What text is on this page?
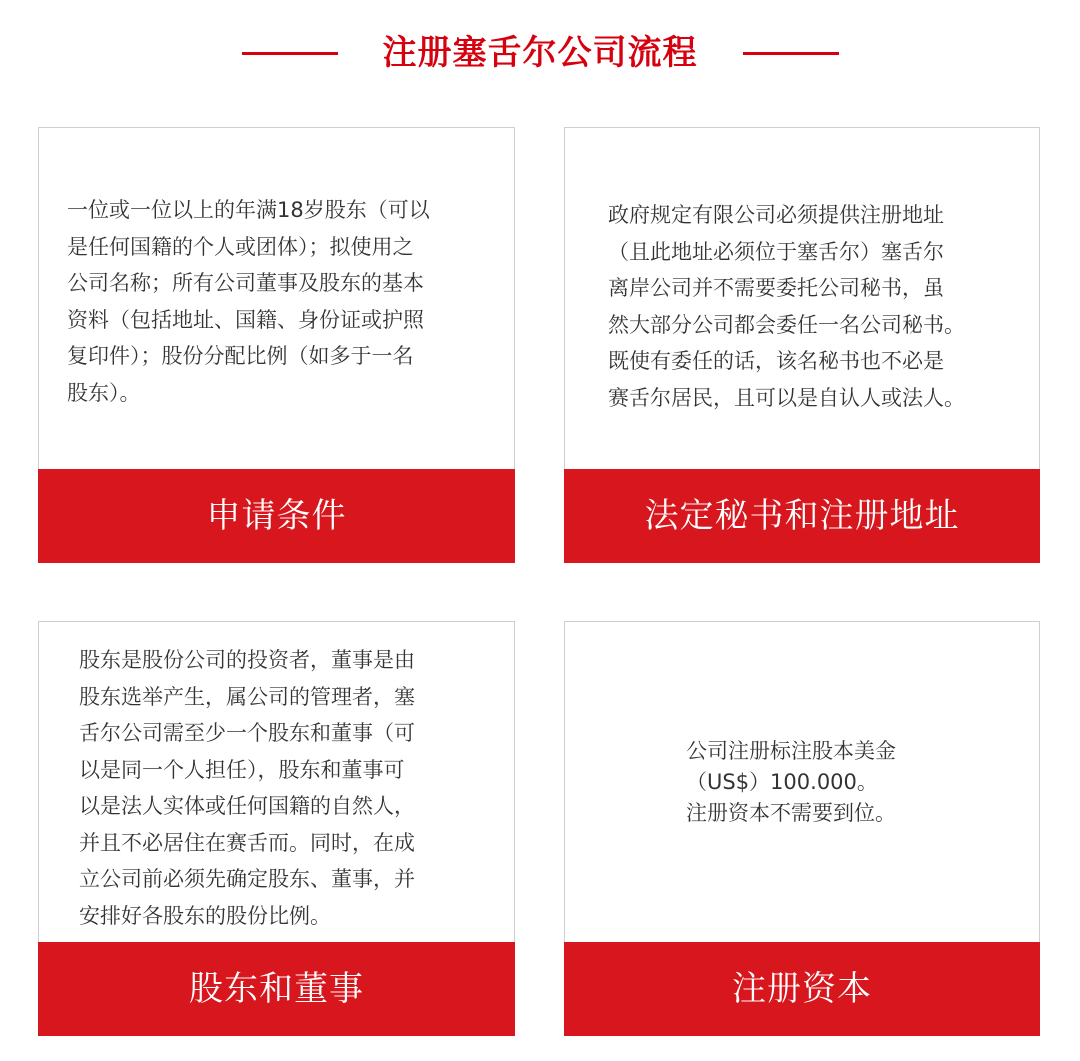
注册塞舌尔公司流程
一位或一位以上的年满18岁股东（可以
是任何国籍的个人或团体）；拟使用之
公司名称；所有公司董事及股东的基本
资料（包括地址、国籍、身份证或护照
复印件）；股份分配比例（如多于一名
股东）。
申请条件
政府规定有限公司必须提供注册地址
（且此地址必须位于塞舌尔）塞舌尔
离岸公司并不需要委托公司秘书，虽
然大部分公司都会委任一名公司秘书。
既使有委任的话，该名秘书也不必是
赛舌尔居民，且可以是自认人或法人。
法定秘书和注册地址
股东是股份公司的投资者，董事是由
股东选举产生，属公司的管理者，塞
舌尔公司需至少一个股东和董事（可
以是同一个人担任），股东和董事可
以是法人实体或任何国籍的自然人，
并且不必居住在赛舌而。同时，在成
立公司前必须先确定股东、董事，并
安排好各股东的股份比例。
股东和董事
公司注册标注股本美金
（US$）100.000。
注册资本不需要到位。
注册资本
